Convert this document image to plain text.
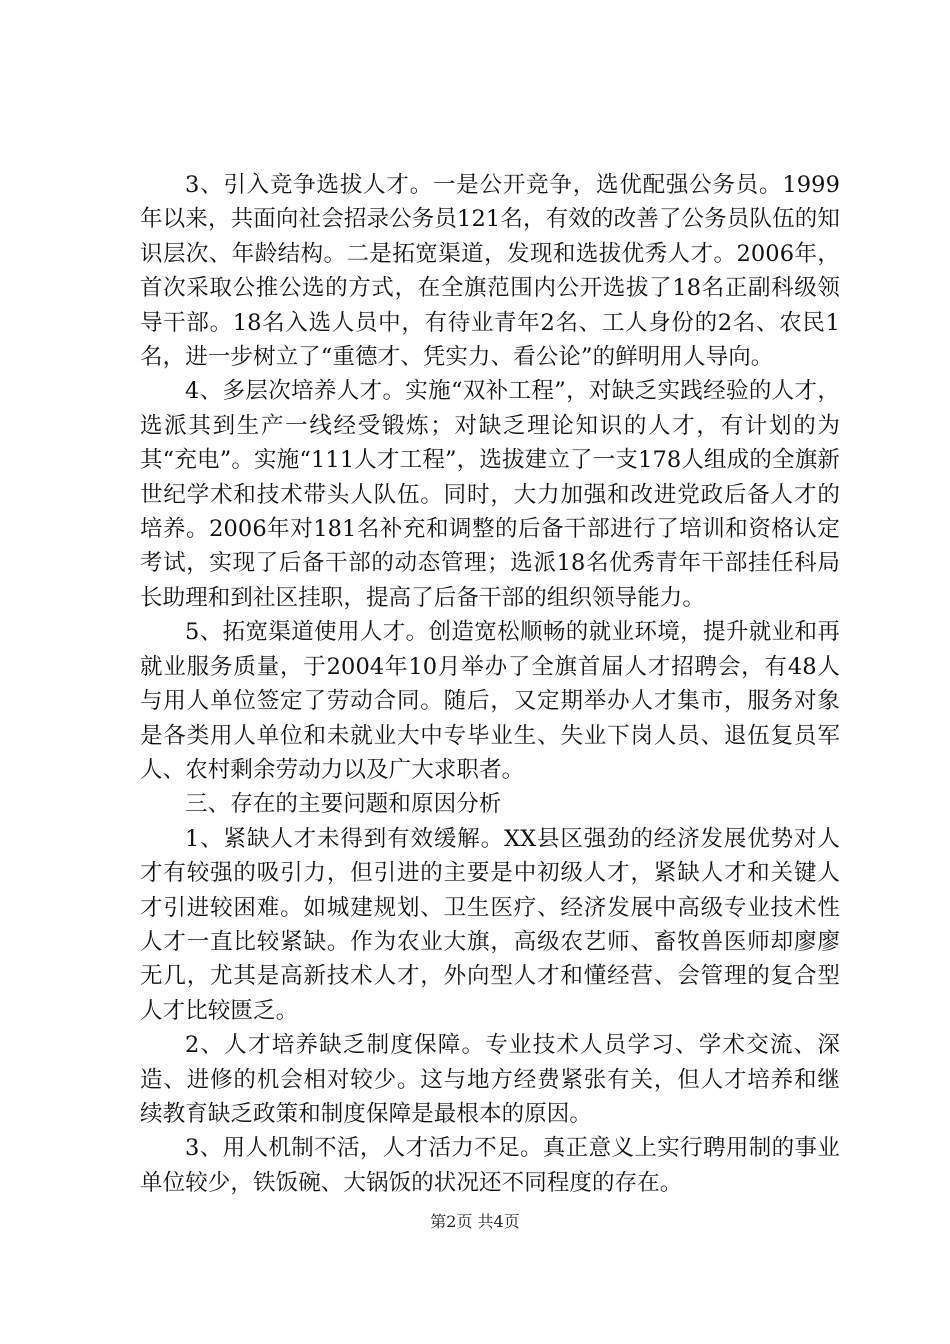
3、引入竞争选拔人才。一是公开竞争，选优配强公务员。1999年以来，共面向社会招录公务员121名，有效的改善了公务员队伍的知识层次、年龄结构。二是拓宽渠道，发现和选拔优秀人才。2006年，首次采取公推公选的方式，在全旗范围内公开选拔了18名正副科级领导干部。18名入选人员中，有待业青年2名、工人身份的2名、农民1名，进一步树立了“重德才、凭实力、看公论”的鲜明用人导向。

4、多层次培养人才。实施“双补工程”，对缺乏实践经验的人才，选派其到生产一线经受锻炼；对缺乏理论知识的人才，有计划的为其“充电”。实施“111人才工程”，选拔建立了一支178人组成的全旗新世纪学术和技术带头人队伍。同时，大力加强和改进党政后备人才的培养。2006年对181名补充和调整的后备干部进行了培训和资格认定考试，实现了后备干部的动态管理；选派18名优秀青年干部挂任科局长助理和到社区挂职，提高了后备干部的组织领导能力。

5、拓宽渠道使用人才。创造宽松顺畅的就业环境，提升就业和再就业服务质量，于2004年10月举办了全旗首届人才招聘会，有48人与用人单位签定了劳动合同。随后，又定期举办人才集市，服务对象是各类用人单位和未就业大中专毕业生、失业下岗人员、退伍复员军人、农村剩余劳动力以及广大求职者。

三、存在的主要问题和原因分析

1、紧缺人才未得到有效缓解。XX县区强劲的经济发展优势对人才有较强的吸引力，但引进的主要是中初级人才，紧缺人才和关键人才引进较困难。如城建规划、卫生医疗、经济发展中高级专业技术性人才一直比较紧缺。作为农业大旗，高级农艺师、畜牧兽医师却廖廖无几，尤其是高新技术人才，外向型人才和懂经营、会管理的复合型人才比较匮乏。

2、人才培养缺乏制度保障。专业技术人员学习、学术交流、深造、进修的机会相对较少。这与地方经费紧张有关，但人才培养和继续教育缺乏政策和制度保障是最根本的原因。

3、用人机制不活，人才活力不足。真正意义上实行聘用制的事业单位较少，铁饭碗、大锅饭的状况还不同程度的存在。

第2页 共4页
